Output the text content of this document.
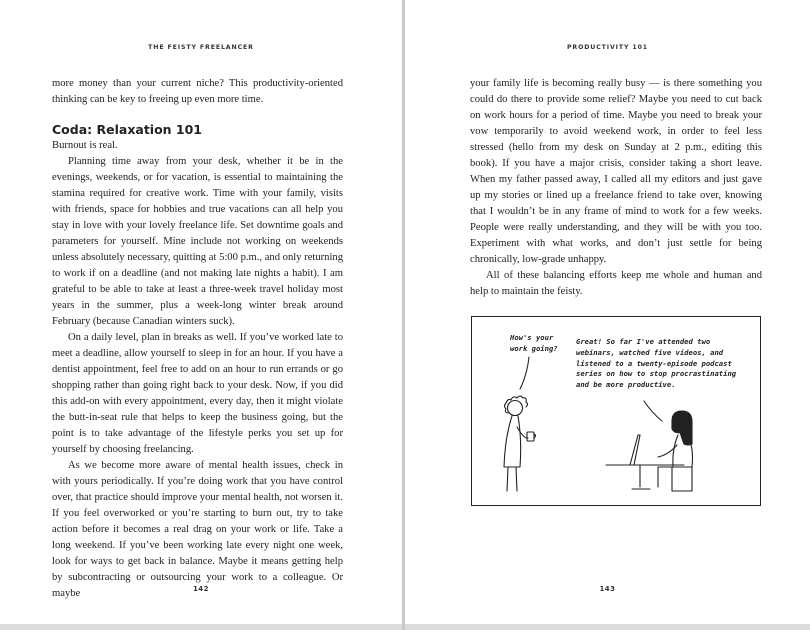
THE FEISTY FREELANCER

more money than your current niche? This productivity-oriented thinking can be key to freeing up even more time.

Coda: Relaxation 101

Burnout is real.

Planning time away from your desk, whether it be in the evenings, weekends, or for vacation, is essential to maintaining the stamina required for creative work. Time with your family, visits with friends, space for hobbies and true vacations can all help you stay in love with your lovely freelance life. Set downtime goals and parameters for yourself. Mine include not working on weekends unless absolutely necessary, quitting at 5:00 p.m., and only returning to work if on a deadline (and not making late nights a habit). I am grateful to be able to take at least a three-week travel holiday most years in the summer, plus a week-long winter break around February (because Canadian winters suck).

On a daily level, plan in breaks as well. If you’ve worked late to meet a deadline, allow yourself to sleep in for an hour. If you have a dentist appointment, feel free to add on an hour to run errands or go shopping rather than going right back to your desk. Now, if you did this add-on with every appointment, every day, then it might violate the butt-in-seat rule that helps to keep the business going, but the point is to take advantage of the lifestyle perks you set up for yourself by choosing freelancing.

As we become more aware of mental health issues, check in with yours periodically. If you’re doing work that you have control over, that practice should improve your mental health, not worsen it. If you feel overworked or you’re starting to burn out, try to take action before it becomes a real drag on your work or life. Take a long weekend. If you’ve been working late every night one week, look for ways to get back in balance. Maybe it means getting help by subcontracting or outsourcing your work to a colleague. Or maybe	142
PRODUCTIVITY 101

your family life is becoming really busy — is there something you could do there to provide some relief? Maybe you need to cut back on work hours for a period of time. Maybe you need to break your vow temporarily to avoid weekend work, in order to feel less stressed (hello from my desk on Sunday at 2 p.m., editing this book). If you have a major crisis, consider taking a short leave. When my father passed away, I called all my editors and just gave up my stories or lined up a freelance friend to take over, knowing that I wouldn’t be in any frame of mind to work for a few weeks. People were really understanding, and they will be with you too. Experiment with what works, and don’t just settle for being chronically, low-grade unhappy.

All of these balancing efforts keep me whole and human and help to maintain the feisty.

How's your work going?
Great! So far I've attended two webinars, watched five videos, and listened to a twenty-episode podcast series on how to stop procrastinating and be more productive.
143
